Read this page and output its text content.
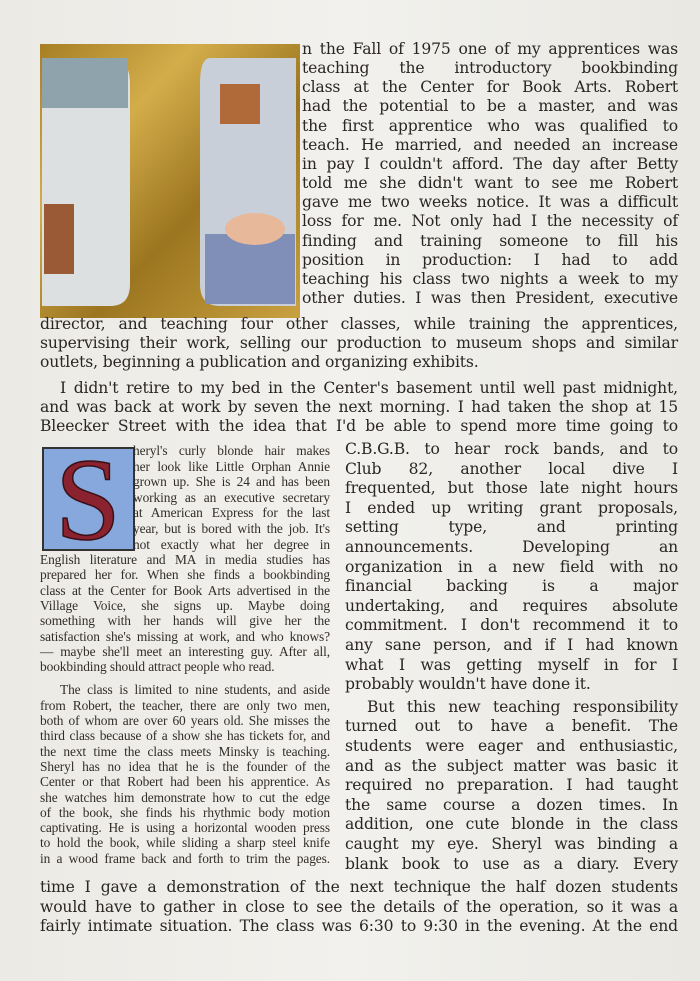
S
n the Fall of 1975 one of my apprentices was
teaching the introductory bookbinding
class at the Center for Book Arts. Robert
had the potential to be a master, and was
the first apprentice who was qualified to
teach. He married, and needed an increase
in pay I couldn't afford. The day after Betty
told me she didn't want to see me Robert
gave me two weeks notice. It was a difficult
loss for me. Not only had I the necessity of
finding and training someone to fill his
position in production: I had to add
teaching his class two nights a week to my
other duties. I was then President, executive
director, and teaching four other classes, while training the apprentices,
supervising their work, selling our production to museum shops and similar
outlets, beginning a publication and organizing exhibits.
I didn't retire to my bed in the Center's basement until well past midnight,
and was back at work by seven the next morning. I had taken the shop at 15
Bleecker Street with the idea that I'd be able to spend more time going to
heryl's curly blonde hair makes
her look like Little Orphan Annie
grown up. She is 24 and has been
working as an executive secretary
at American Express for the last
year, but is bored with the job. It's
not exactly what her degree in
English literature and MA in media studies has
prepared her for. When she finds a bookbinding
class at the Center for Book Arts advertised in the
Village Voice, she signs up. Maybe doing
something with her hands will give her the
satisfaction she's missing at work, and who knows?
— maybe she'll meet an interesting guy. After all,
bookbinding should attract people who read.
The class is limited to nine students, and aside
from Robert, the teacher, there are only two men,
both of whom are over 60 years old. She misses the
third class because of a show she has tickets for, and
the next time the class meets Minsky is teaching.
Sheryl has no idea that he is the founder of the
Center or that Robert had been his apprentice. As
she watches him demonstrate how to cut the edge
of the book, she finds his rhythmic body motion
captivating. He is using a horizontal wooden press
to hold the book, while sliding a sharp steel knife
in a wood frame back and forth to trim the pages.
C.B.G.B. to hear rock bands, and to
Club 82, another local dive I
frequented, but those late night hours
I ended up writing grant proposals,
setting type, and printing
announcements. Developing an
organization in a new field with no
financial backing is a major
undertaking, and requires absolute
commitment. I don't recommend it to
any sane person, and if I had known
what I was getting myself in for I
probably wouldn't have done it.
But this new teaching responsibility
turned out to have a benefit. The
students were eager and enthusiastic,
and as the subject matter was basic it
required no preparation. I had taught
the same course a dozen times. In
addition, one cute blonde in the class
caught my eye. Sheryl was binding a
blank book to use as a diary. Every
time I gave a demonstration of the next technique the half dozen students
would have to gather in close to see the details of the operation, so it was a
fairly intimate situation. The class was 6:30 to 9:30 in the evening. At the end
